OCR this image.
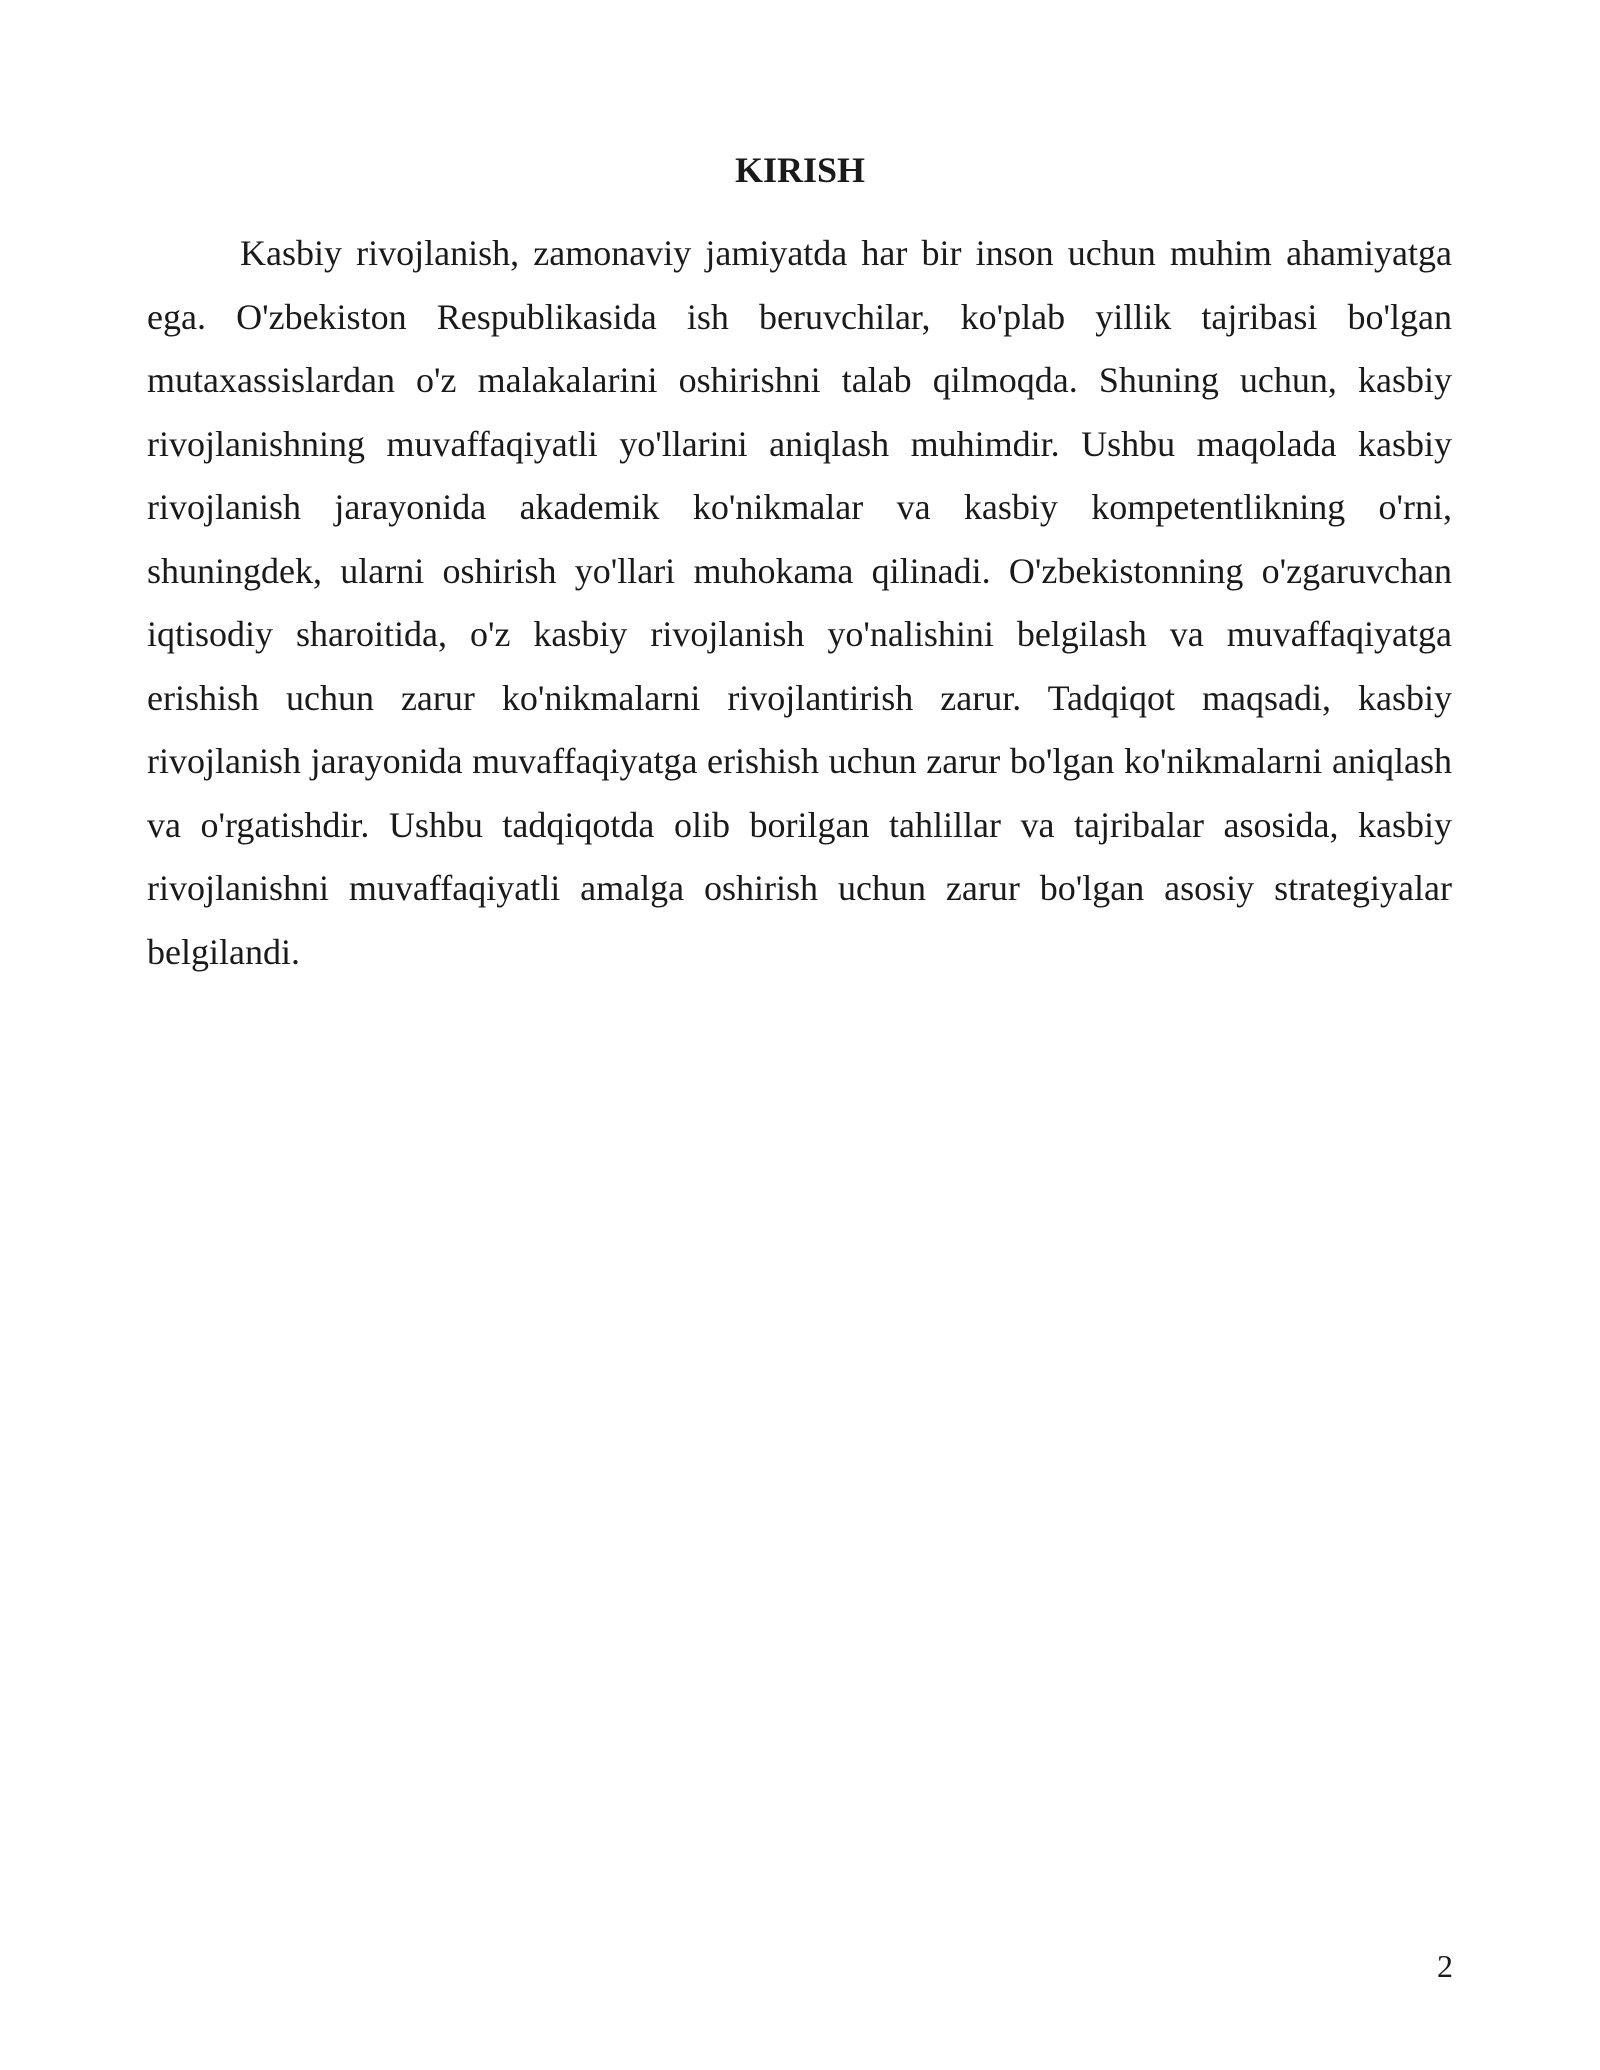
KIRISH

Kasbiy rivojlanish, zamonaviy jamiyatda har bir inson uchun muhim ahamiyatga ega. O'zbekiston Respublikasida ish beruvchilar, ko'plab yillik tajribasi bo'lgan mutaxassislardan o'z malakalarini oshirishni talab qilmoqda. Shuning uchun, kasbiy rivojlanishning muvaffaqiyatli yo'llarini aniqlash muhimdir. Ushbu maqolada kasbiy rivojlanish jarayonida akademik ko'nikmalar va kasbiy kompetentlikning o'rni, shuningdek, ularni oshirish yo'llari muhokama qilinadi. O'zbekistonning o'zgaruvchan iqtisodiy sharoitida, o'z kasbiy rivojlanish yo'nalishini belgilash va muvaffaqiyatga erishish uchun zarur ko'nikmalarni rivojlantirish zarur. Tadqiqot maqsadi, kasbiy rivojlanish jarayonida muvaffaqiyatga erishish uchun zarur bo'lgan ko'nikmalarni aniqlash va o'rgatishdir. Ushbu tadqiqotda olib borilgan tahlillar va tajribalar asosida, kasbiy rivojlanishni muvaffaqiyatli amalga oshirish uchun zarur bo'lgan asosiy strategiyalar belgilandi.

2
